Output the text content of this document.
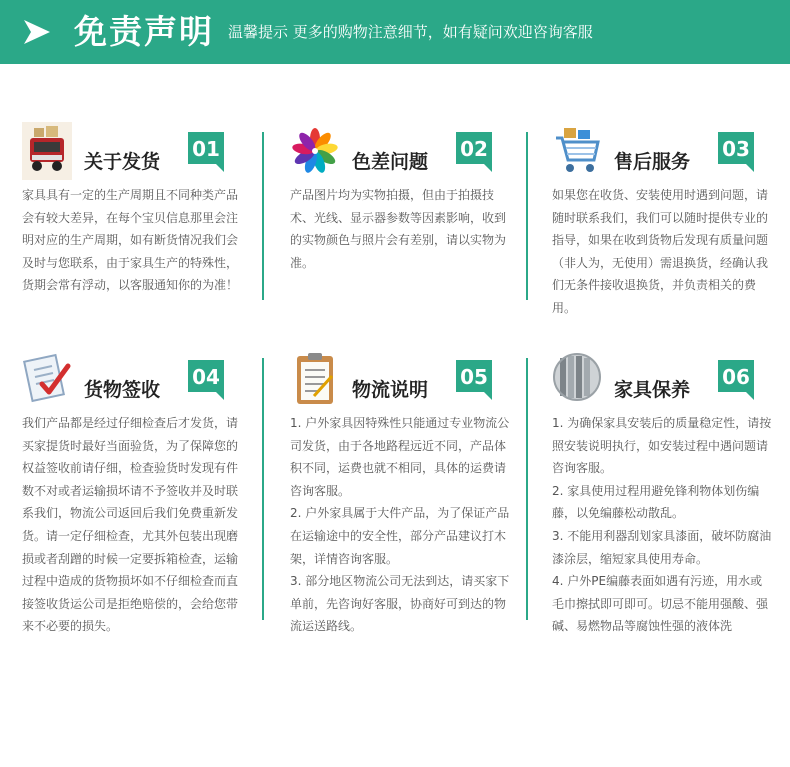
免责声明 温馨提示 更多的购物注意细节，如有疑问欢迎咨询客服
关于发货
01

家具具有一定的生产周期且不同种类产品会有较大差异，在每个宝贝信息那里会注明对应的生产周期，如有断货情况我们会及时与您联系，由于家具生产的特殊性，货期会常有浮动，以客服通知你的为准！

色差问题
02

产品图片均为实物拍摄，但由于拍摄技术、光线、显示器参数等因素影响，收到的实物颜色与照片会有差别，请以实物为准。

售后服务
03

如果您在收货、安装使用时遇到问题，请随时联系我们，我们可以随时提供专业的指导，如果在收到货物后发现有质量问题（非人为，无使用）需退换货，经确认我们无条件接收退换货，并负责相关的费用。

货物签收
04

我们产品都是经过仔细检查后才发货，请买家提货时最好当面验货，为了保障您的权益签收前请仔细，检查验货时发现有件数不对或者运输损坏请不予签收并及时联系我们，物流公司返回后我们免费重新发货。请一定仔细检查，尤其外包装出现磨损或者刮蹭的时候一定要拆箱检查，运输过程中造成的货物损坏如不仔细检查而直接签收货运公司是拒绝赔偿的，会给您带来不必要的损失。

物流说明
05

1. 户外家具因特殊性只能通过专业物流公司发货，由于各地路程远近不同，产品体积不同，运费也就不相同，具体的运费请咨询客服。

2. 户外家具属于大件产品，为了保证产品在运输途中的安全性，部分产品建议打木架，详情咨询客服。

3. 部分地区物流公司无法到达，请买家下单前，先咨询好客服，协商好可到达的物流运送路线。

家具保养
06

1. 为确保家具安装后的质量稳定性，请按照安装说明执行，如安装过程中遇问题请咨询客服。

2. 家具使用过程用避免锋利物体划伤编藤，以免编藤松动散乱。

3. 不能用利器刮划家具漆面，破坏防腐油漆涂层，缩短家具使用寿命。

4. 户外PE编藤表面如遇有污迹，用水或毛巾擦拭即可即可。切忌不能用强酸、强碱、易燃物品等腐蚀性强的液体洗
